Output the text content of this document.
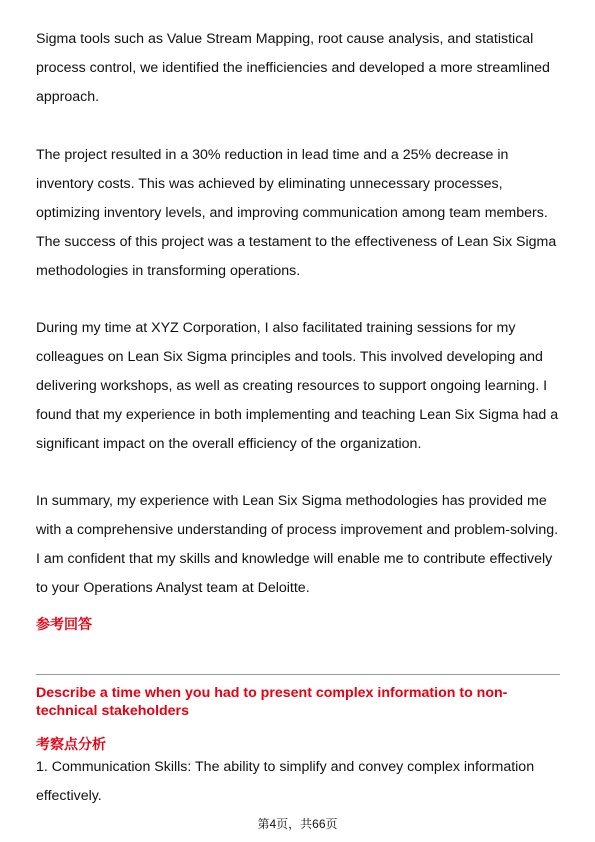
Sigma tools such as Value Stream Mapping, root cause analysis, and statistical process control, we identified the inefficiencies and developed a more streamlined approach.

The project resulted in a 30% reduction in lead time and a 25% decrease in inventory costs. This was achieved by eliminating unnecessary processes, optimizing inventory levels, and improving communication among team members. The success of this project was a testament to the effectiveness of Lean Six Sigma methodologies in transforming operations.

During my time at XYZ Corporation, I also facilitated training sessions for my colleagues on Lean Six Sigma principles and tools. This involved developing and delivering workshops, as well as creating resources to support ongoing learning. I found that my experience in both implementing and teaching Lean Six Sigma had a significant impact on the overall efficiency of the organization.

In summary, my experience with Lean Six Sigma methodologies has provided me with a comprehensive understanding of process improvement and problem-solving. I am confident that my skills and knowledge will enable me to contribute effectively to your Operations Analyst team at Deloitte.

参考回答

Describe a time when you had to present complex information to non-technical stakeholders

考察点分析

1. Communication Skills: The ability to simplify and convey complex information effectively.

第4页，共66页
